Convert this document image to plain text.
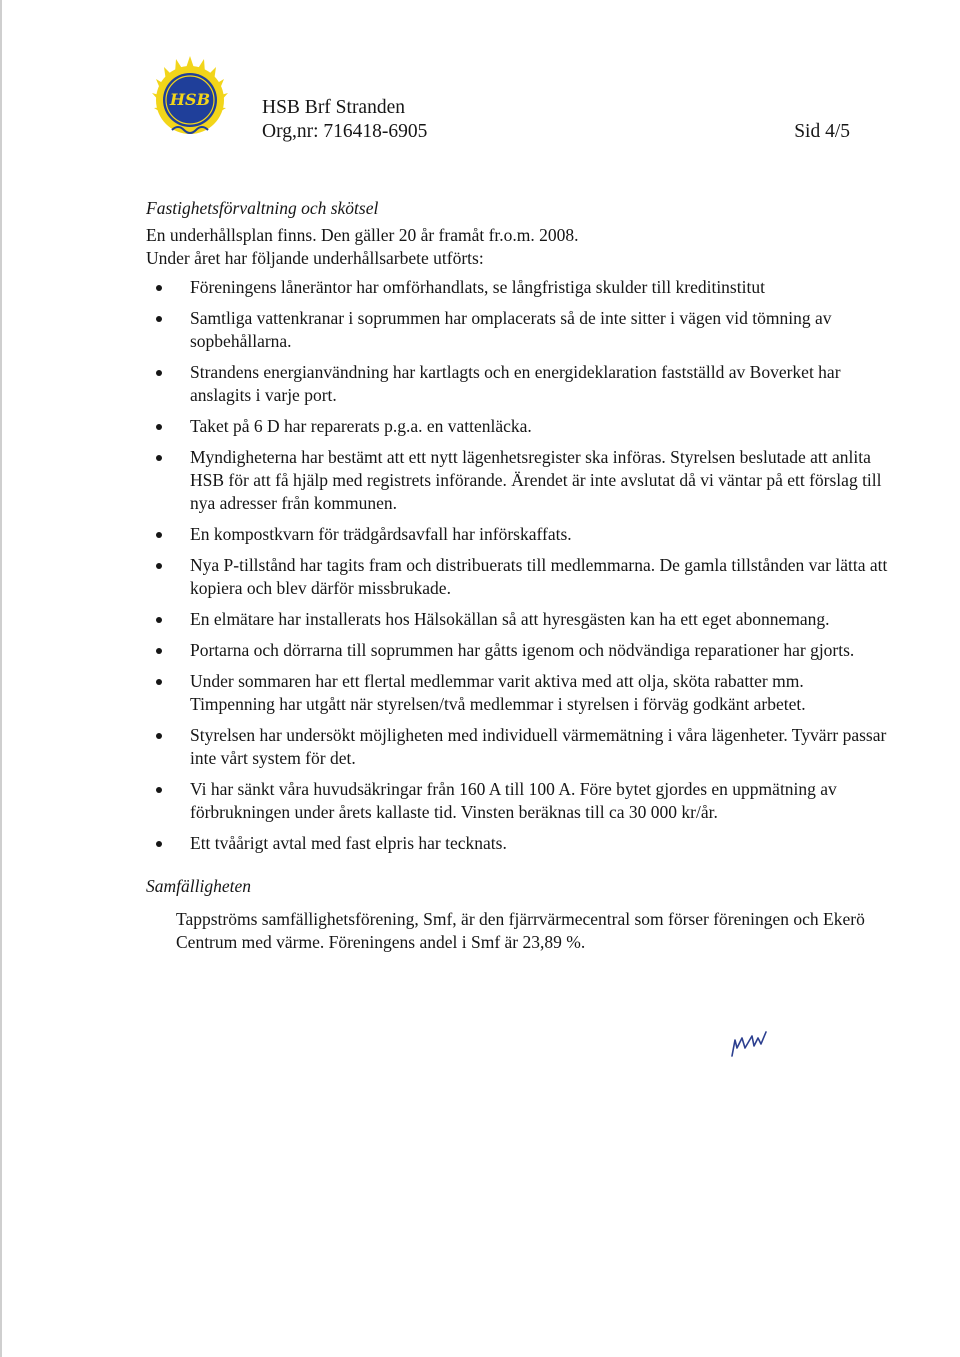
HSB	HSB Brf Stranden
Org,nr: 716418-6905	Sid 4/5
Fastighetsförvaltning och skötsel

En underhållsplan finns. Den gäller 20 år framåt fr.o.m. 2008.

Under året har följande underhållsarbete utförts:

Föreningens låneräntor har omförhandlats, se långfristiga skulder till kreditinstitut
Samtliga vattenkranar i soprummen har omplacerats så de inte sitter i vägen vid tömning av sopbehållarna.
Strandens energianvändning har kartlagts och en energideklaration fastställd av Boverket har anslagits i varje port.
Taket på 6 D har reparerats p.g.a. en vattenläcka.
Myndigheterna har bestämt att ett nytt lägenhetsregister ska införas. Styrelsen beslutade att anlita HSB för att få hjälp med registrets införande. Ärendet är inte avslutat då vi väntar på ett förslag till nya adresser från kommunen.
En kompostkvarn för trädgårdsavfall har införskaffats.
Nya P-tillstånd har tagits fram och distribuerats till medlemmarna. De gamla tillstånden var lätta att kopiera och blev därför missbrukade.
En elmätare har installerats hos Hälsokällan så att hyresgästen kan ha ett eget abonnemang.
Portarna och dörrarna till soprummen har gåtts igenom och nödvändiga reparationer har gjorts.
Under sommaren har ett flertal medlemmar varit aktiva med att olja, sköta rabatter mm. Timpenning har utgått när styrelsen/två medlemmar i styrelsen i förväg godkänt arbetet.
Styrelsen har undersökt möjligheten med individuell värmemätning i våra lägenheter. Tyvärr passar inte vårt system för det.
Vi har sänkt våra huvudsäkringar från 160 A till 100 A. Före bytet gjordes en uppmätning av förbrukningen under årets kallaste tid. Vinsten beräknas till ca 30 000 kr/år.
Ett tvåårigt avtal med fast elpris har tecknats.
Samfälligheten

Tappströms samfällighetsförening, Smf, är den fjärrvärmecentral som förser föreningen och Ekerö Centrum med värme. Föreningens andel i Smf är 23,89 %.
